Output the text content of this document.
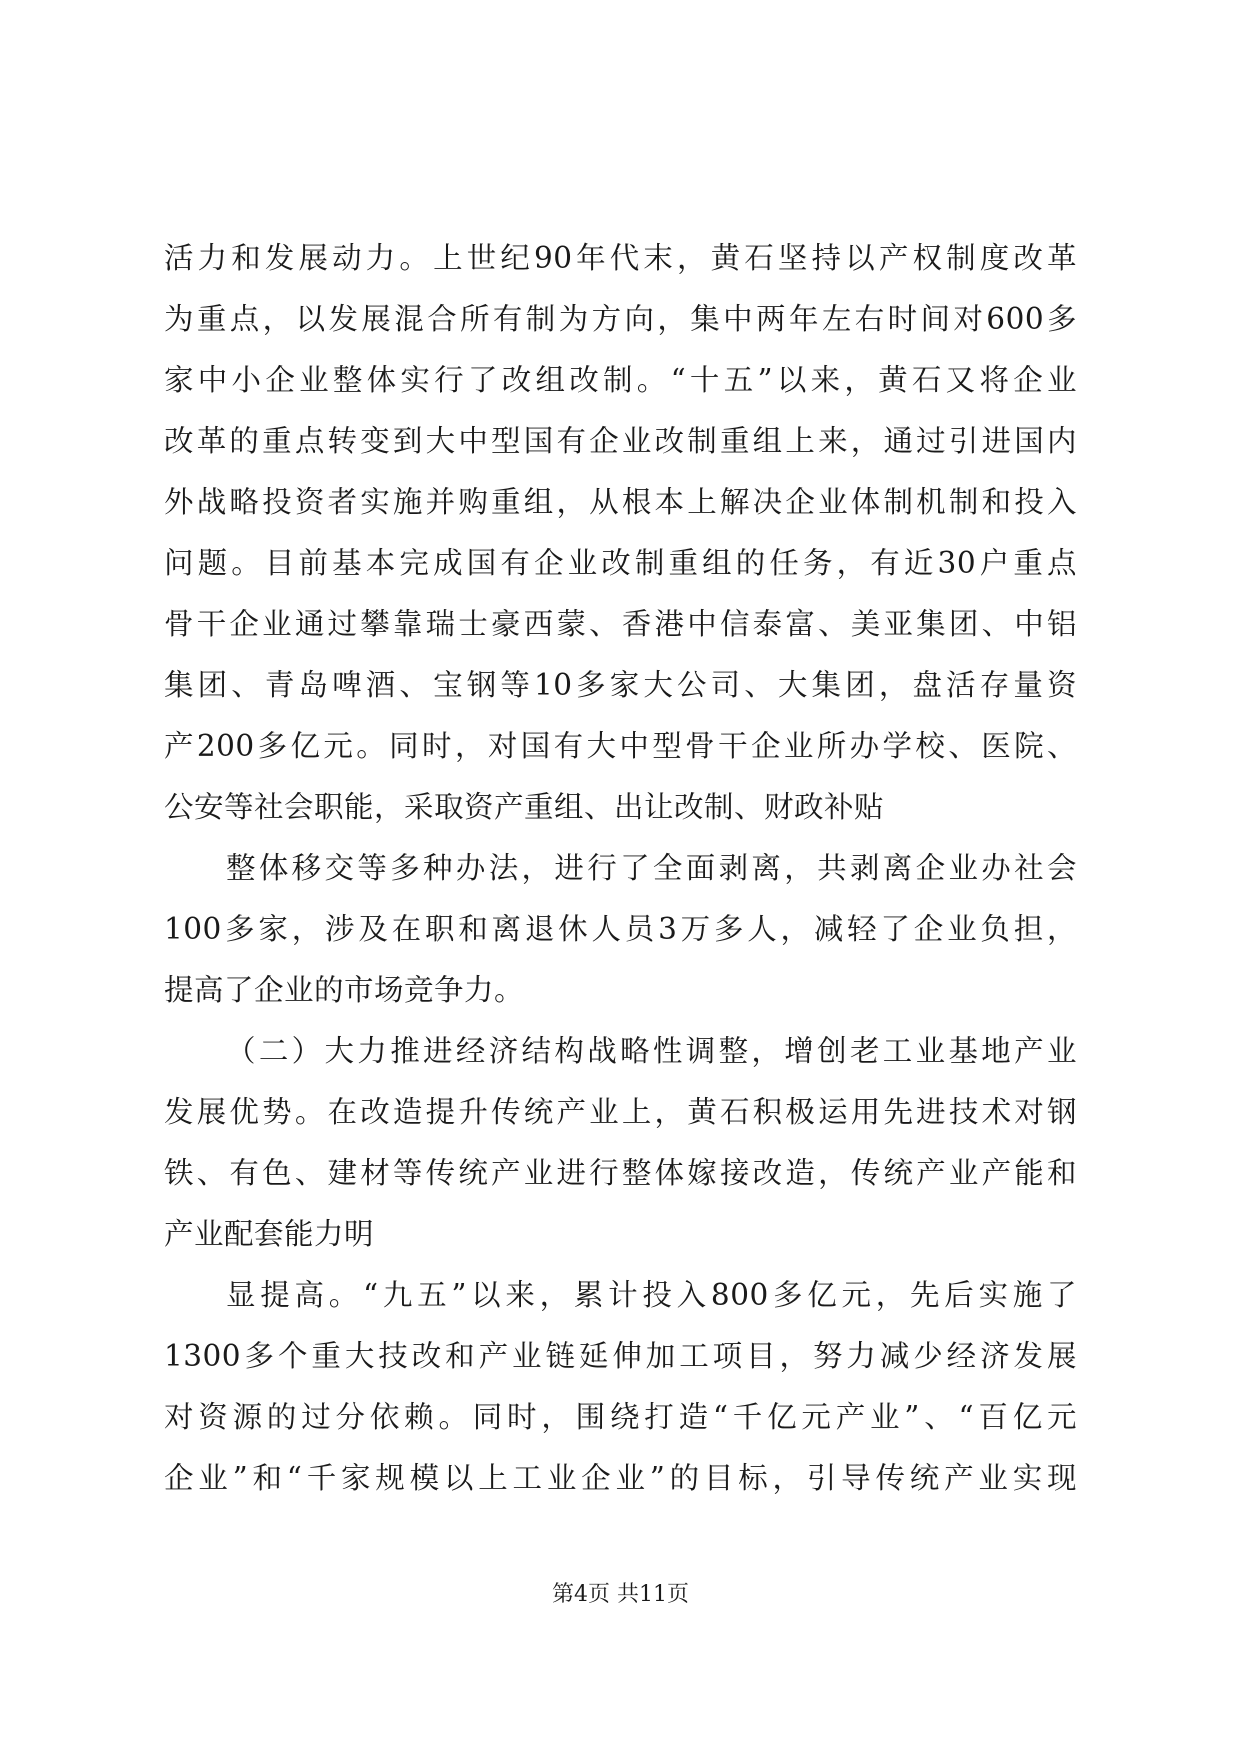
活力和发展动力。上世纪90年代末，黄石坚持以产权制度改革
为重点，以发展混合所有制为方向，集中两年左右时间对600多
家中小企业整体实行了改组改制。“十五”以来，黄石又将企业
改革的重点转变到大中型国有企业改制重组上来，通过引进国内
外战略投资者实施并购重组，从根本上解决企业体制机制和投入
问题。目前基本完成国有企业改制重组的任务，有近30户重点
骨干企业通过攀靠瑞士豪西蒙、香港中信泰富、美亚集团、中铝
集团、青岛啤酒、宝钢等10多家大公司、大集团，盘活存量资
产200多亿元。同时，对国有大中型骨干企业所办学校、医院、
公安等社会职能，采取资产重组、出让改制、财政补贴
整体移交等多种办法，进行了全面剥离，共剥离企业办社会
100多家，涉及在职和离退休人员3万多人，减轻了企业负担，
提高了企业的市场竞争力。
（二）大力推进经济结构战略性调整，增创老工业基地产业
发展优势。在改造提升传统产业上，黄石积极运用先进技术对钢
铁、有色、建材等传统产业进行整体嫁接改造，传统产业产能和
产业配套能力明
显提高。“九五”以来，累计投入800多亿元，先后实施了
1300多个重大技改和产业链延伸加工项目，努力减少经济发展
对资源的过分依赖。同时，围绕打造“千亿元产业”、“百亿元
企业”和“千家规模以上工业企业”的目标，引导传统产业实现
第4页 共11页
